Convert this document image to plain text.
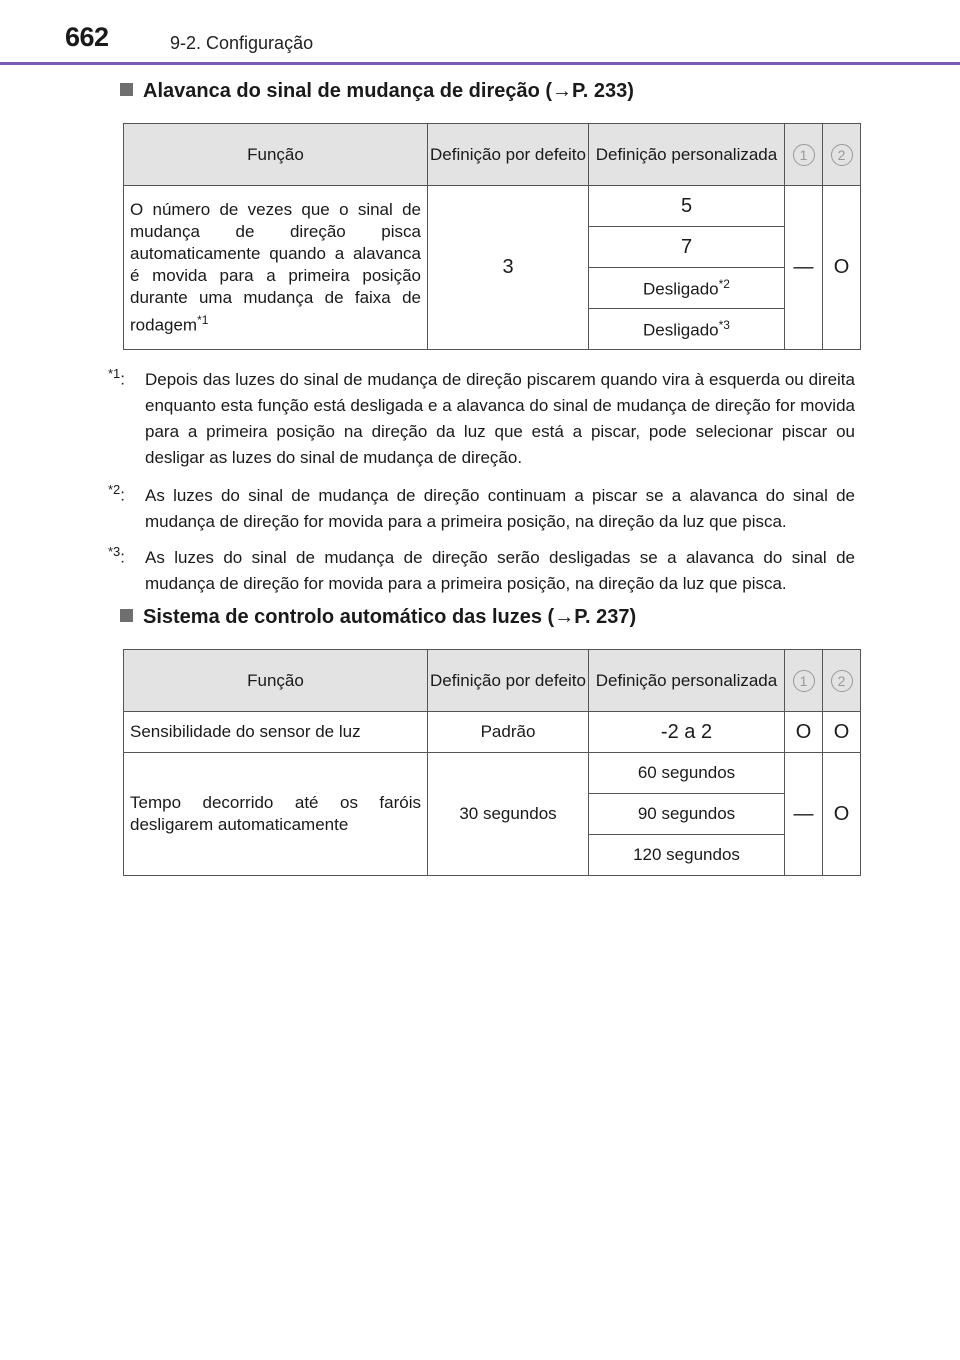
662	9-2. Configuração
Alavanca do sinal de mudança de direção (→P. 233)
Função	Definição por defeito	Definição personalizada	1	2
O número de vezes que o sinal de mudança de direção pisca automaticamente quando a alavanca é movida para a primeira posição durante uma mudança de faixa de rodagem$^{*1}$	3	5	—	O
		7		
		Desligado$^{*2}$
		Desligado$^{*3}$
$^{*1}$: Depois das luzes do sinal de mudança de direção piscarem quando vira à esquerda ou direita enquanto esta função está desligada e a alavanca do sinal de mudança de direção for movida para a primeira posição na direção da luz que está a piscar, pode selecionar piscar ou desligar as luzes do sinal de mudança de direção.
$^{*2}$: As luzes do sinal de mudança de direção continuam a piscar se a alavanca do sinal de mudança de direção for movida para a primeira posição, na direção da luz que pisca.
$^{*3}$: As luzes do sinal de mudança de direção serão desligadas se a alavanca do sinal de mudança de direção for movida para a primeira posição, na direção da luz que pisca.
Sistema de controlo automático das luzes (→P. 237)
Função	Definição por defeito	Definição personalizada	1	2
Sensibilidade do sensor de luz	Padrão	-2 a 2	O	O
Tempo decorrido até os faróis desligarem automaticamente	30 segundos	60 segundos	—	O
		90 segundos		
		120 segundos		
